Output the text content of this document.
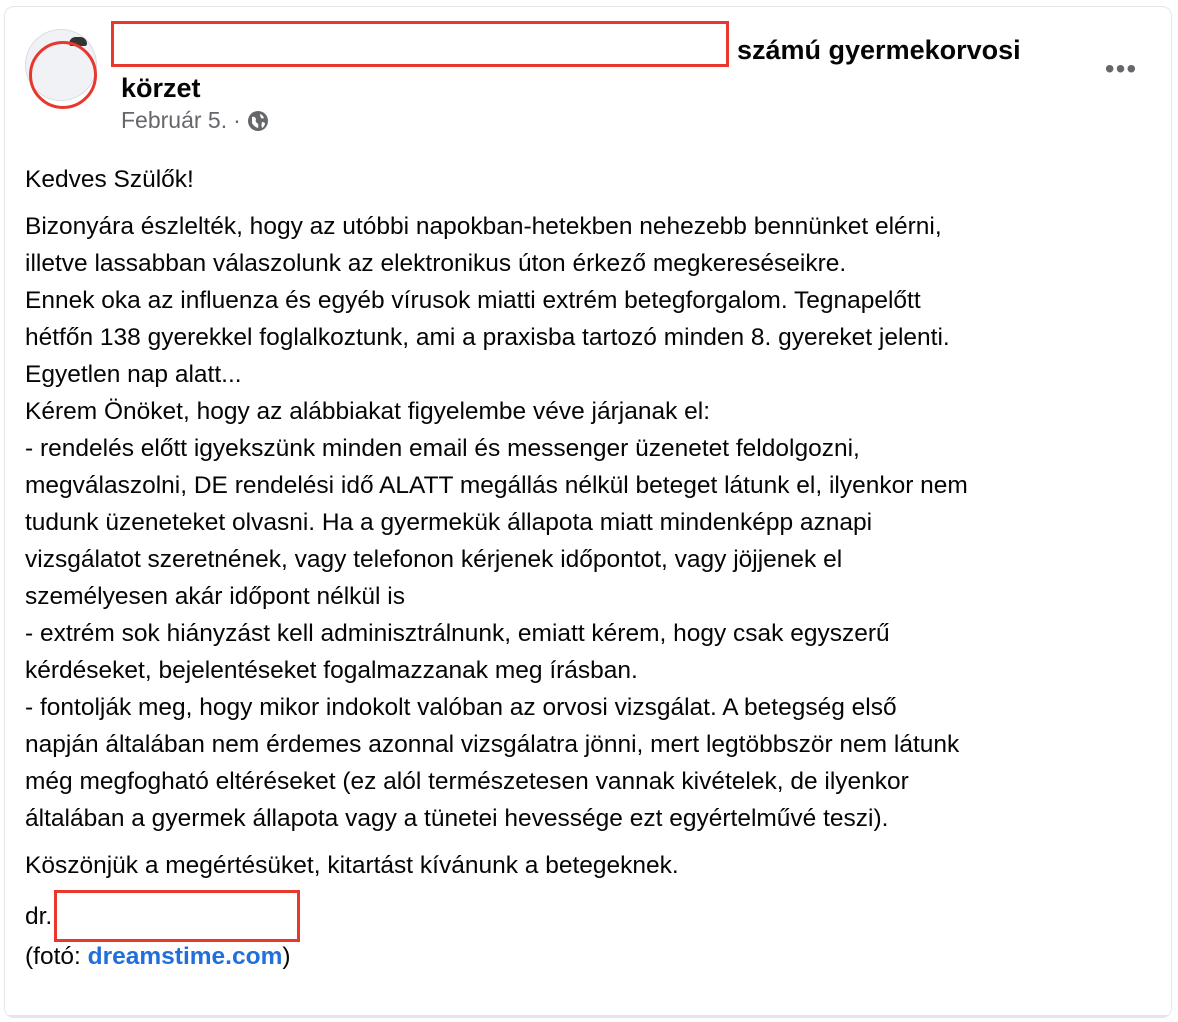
számú gyermekorvosi körzet

Február 5. ·
•••

Kedves Szülők!

Bizonyára észlelték, hogy az utóbbi napokban-hetekben nehezebb bennünket elérni,

illetve lassabban válaszolunk az elektronikus úton érkező megkereséseikre.

Ennek oka az influenza és egyéb vírusok miatti extrém betegforgalom. Tegnapelőtt

hétfőn 138 gyerekkel foglalkoztunk, ami a praxisba tartozó minden 8. gyereket jelenti.

Egyetlen nap alatt...

Kérem Önöket, hogy az alábbiakat figyelembe véve járjanak el:

- rendelés előtt igyekszünk minden email és messenger üzenetet feldolgozni,

megválaszolni, DE rendelési idő ALATT megállás nélkül beteget látunk el, ilyenkor nem

tudunk üzeneteket olvasni. Ha a gyermekük állapota miatt mindenképp aznapi

vizsgálatot szeretnének, vagy telefonon kérjenek időpontot, vagy jöjjenek el

személyesen akár időpont nélkül is

- extrém sok hiányzást kell adminisztrálnunk, emiatt kérem, hogy csak egyszerű

kérdéseket, bejelentéseket fogalmazzanak meg írásban.

- fontolják meg, hogy mikor indokolt valóban az orvosi vizsgálat. A betegség első

napján általában nem érdemes azonnal vizsgálatra jönni, mert legtöbbször nem látunk

még megfogható eltéréseket (ez alól természetesen vannak kivételek, de ilyenkor

általában a gyermek állapota vagy a tünetei hevessége ezt egyértelművé teszi).

Köszönjük a megértésüket, kitartást kívánunk a betegeknek.

dr.

(fotó: dreamstime.com)
